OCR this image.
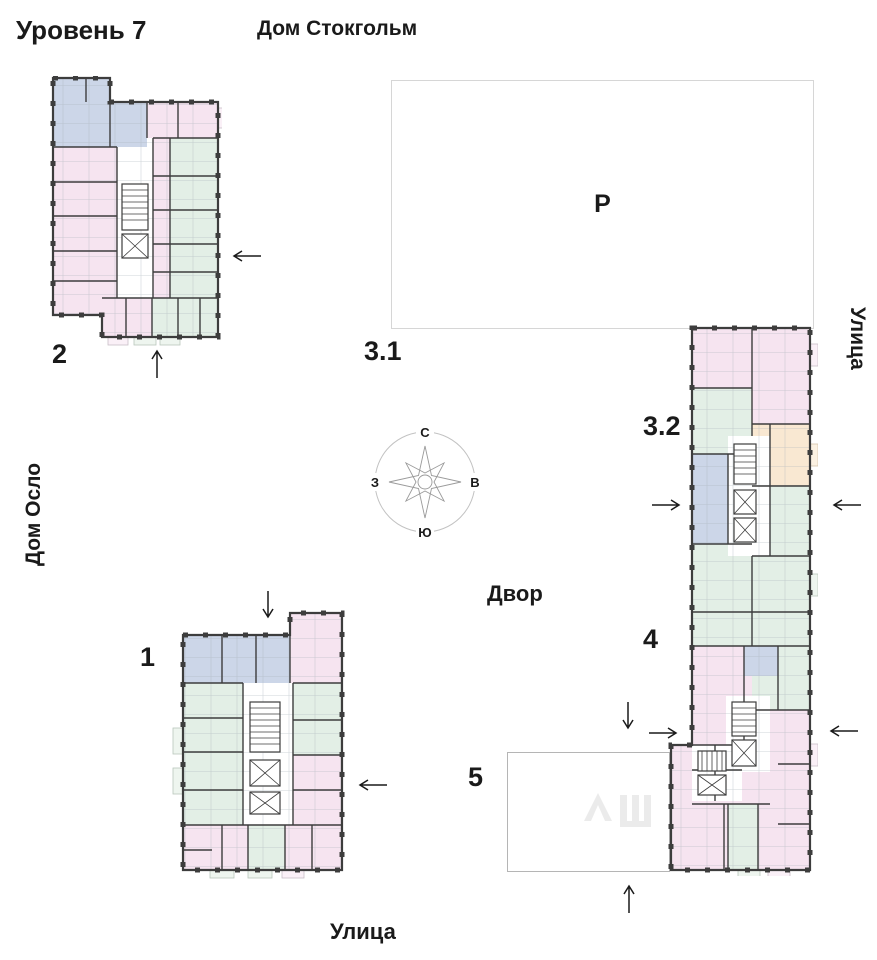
Уровень 7	Дом Стокгольм
Дом Осло
Улица
Двор
Улица
2	3.1
3.2
4
1
5
Р
С
В
Ю
З
